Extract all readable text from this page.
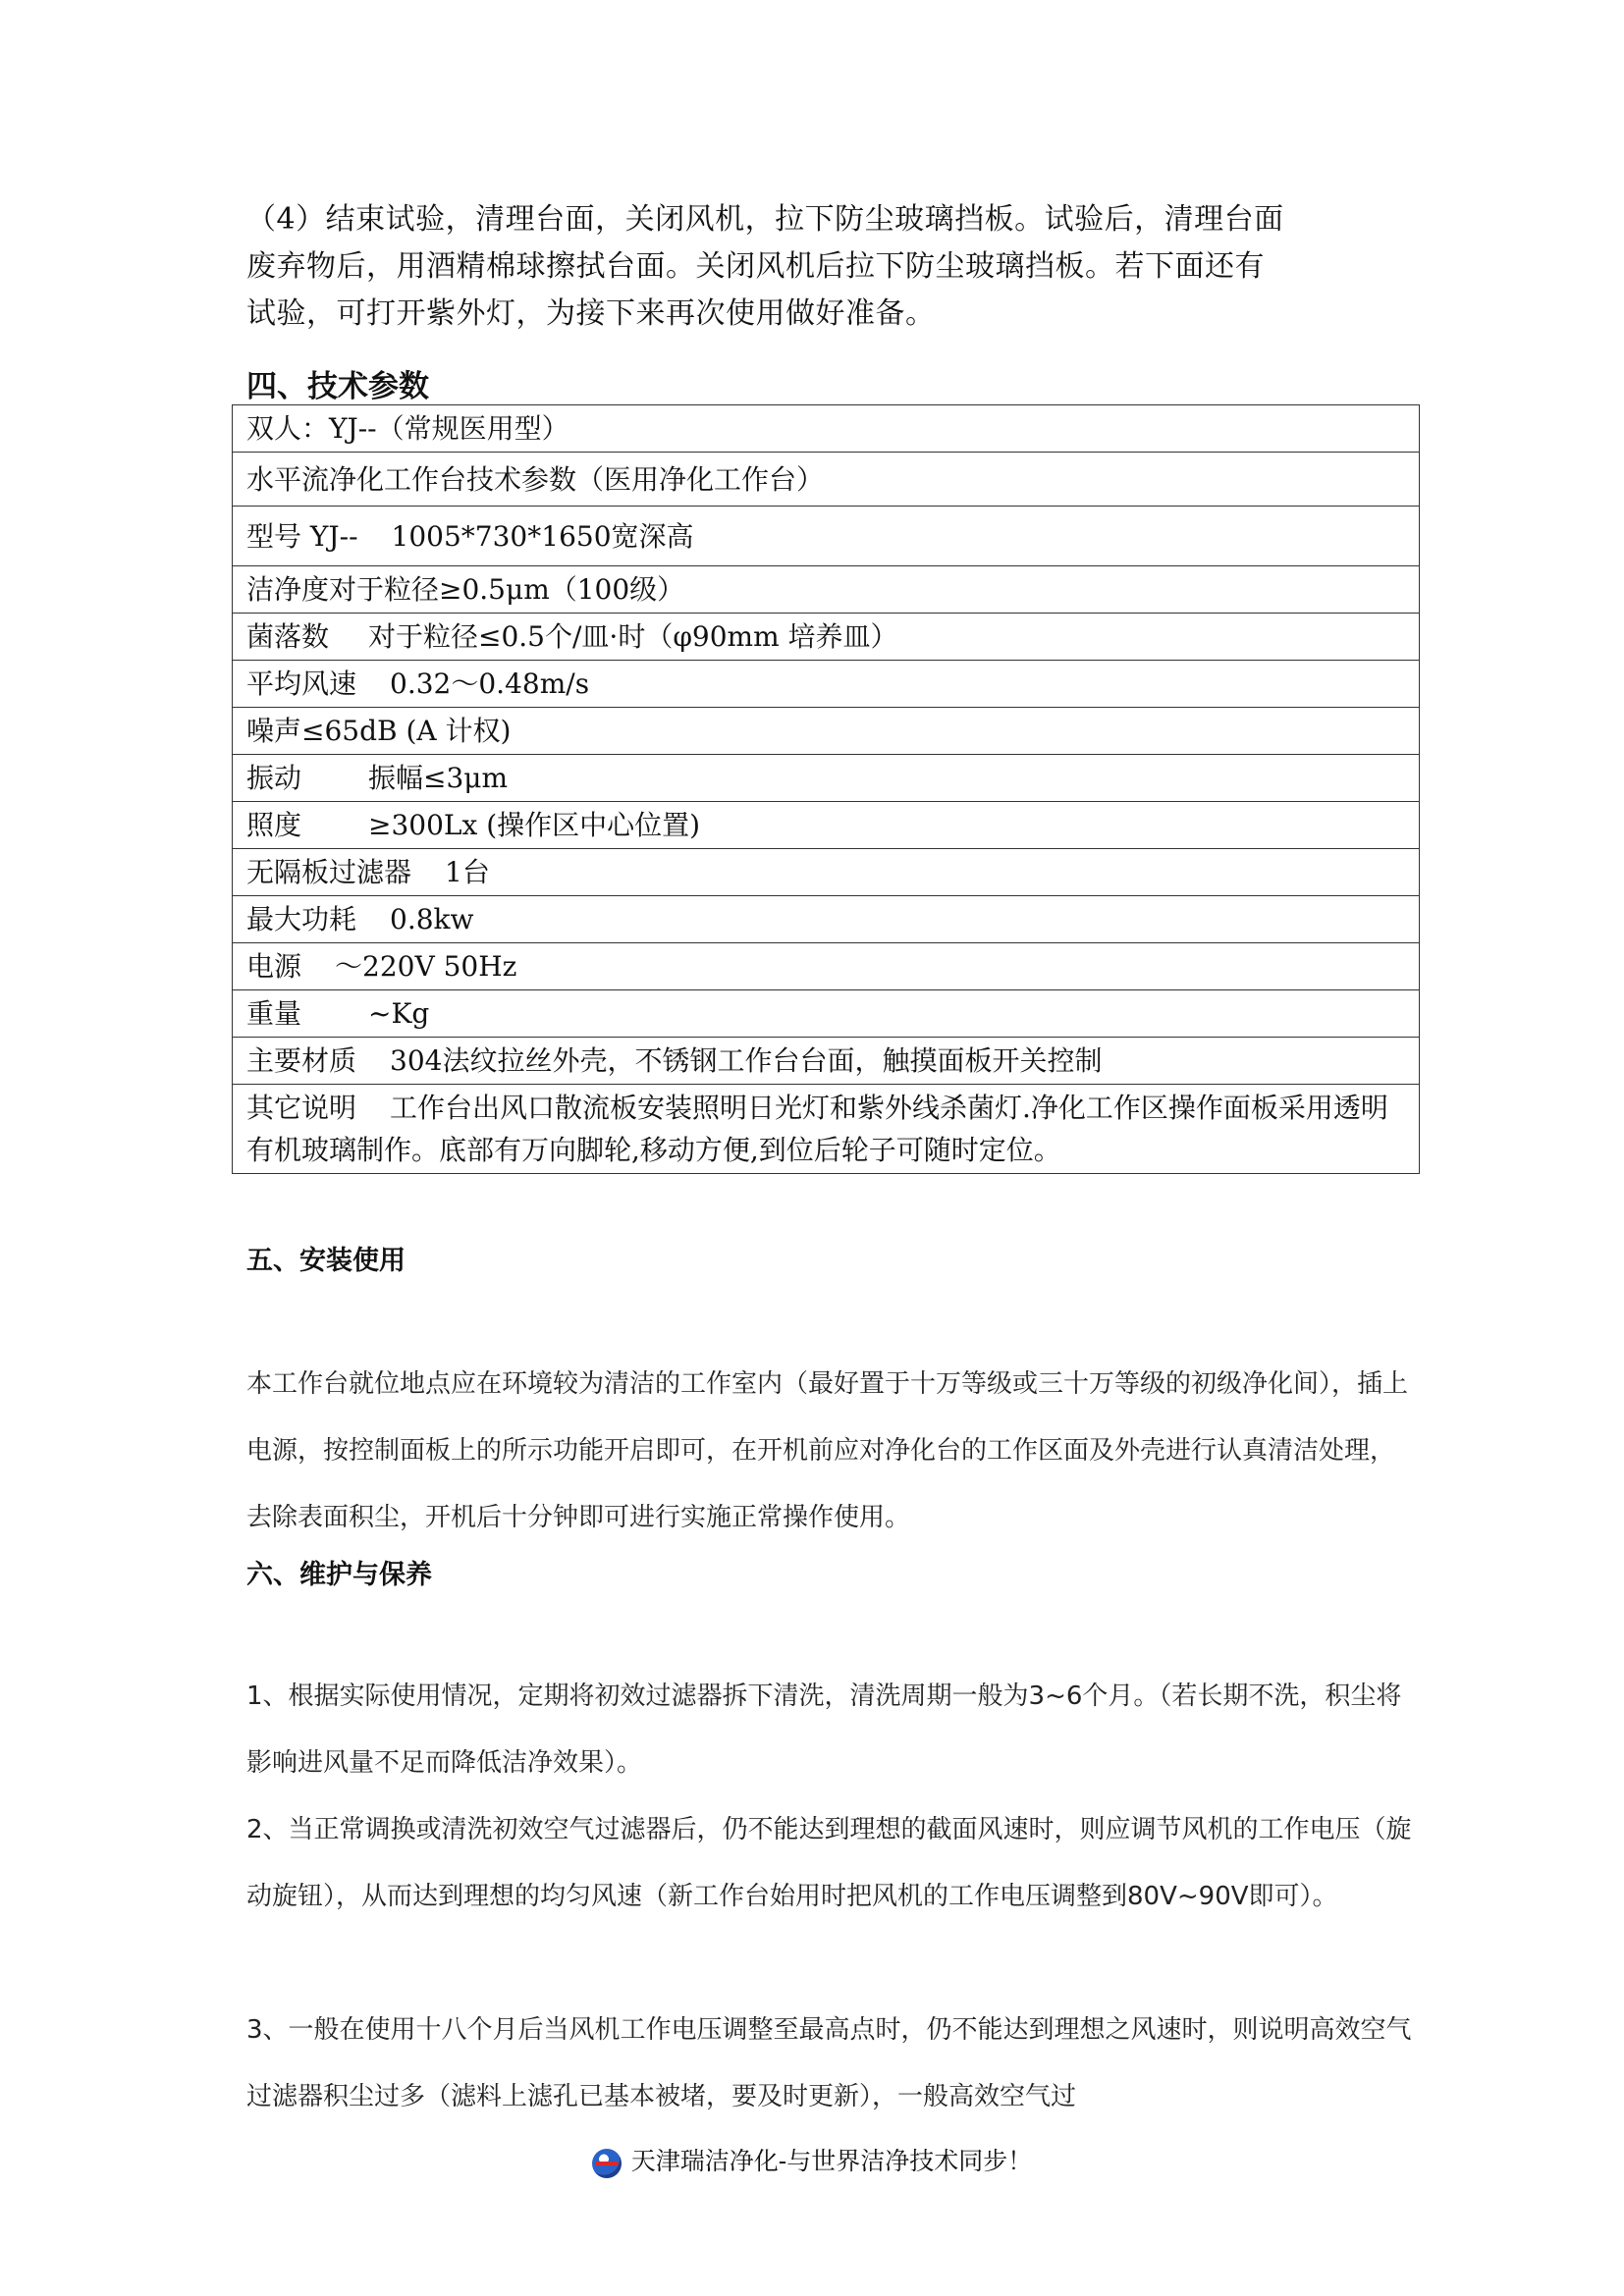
（4）结束试验，清理台面，关闭风机，拉下防尘玻璃挡板。试验后，清理台面

废弃物后，用酒精棉球擦拭台面。关闭风机后拉下防尘玻璃挡板。若下面还有

试验，可打开紫外灯，为接下来再次使用做好准备。

四、技术参数
双人：YJ--（常规医用型）
水平流净化工作台技术参数（医用净化工作台）
型号 YJ-- 1005*730*1650宽深高
洁净度对于粒径≥0.5μm（100级）
菌落数 对于粒径≤0.5个/皿·时（φ90mm 培养皿）
平均风速 0.32～0.48m/s
噪声≤65dB (A 计权)
振动 振幅≤3μm
照度 ≥300Lx (操作区中心位置)
无隔板过滤器 1台
最大功耗 0.8kw
电源 ～220V 50Hz
重量 ~Kg
主要材质 304法纹拉丝外壳，不锈钢工作台台面，触摸面板开关控制
其它说明 工作台出风口散流板安装照明日光灯和紫外线杀菌灯.净化工作区操作面板采用透明有机玻璃制作。底部有万向脚轮,移动方便,到位后轮子可随时定位。
五、安装使用

本工作台就位地点应在环境较为清洁的工作室内（最好置于十万等级或三十万等级的初级净化间），插上电源，按控制面板上的所示功能开启即可，在开机前应对净化台的工作区面及外壳进行认真清洁处理，去除表面积尘，开机后十分钟即可进行实施正常操作使用。

六、维护与保养

1、根据实际使用情况，定期将初效过滤器拆下清洗，清洗周期一般为3~6个月。（若长期不洗，积尘将影响进风量不足而降低洁净效果）。

2、当正常调换或清洗初效空气过滤器后，仍不能达到理想的截面风速时，则应调节风机的工作电压（旋动旋钮），从而达到理想的均匀风速（新工作台始用时把风机的工作电压调整到80V~90V即可）。

3、一般在使用十八个月后当风机工作电压调整至最高点时，仍不能达到理想之风速时，则说明高效空气过滤器积尘过多（滤料上滤孔已基本被堵，要及时更新），一般高效空气过

天津瑞洁净化-与世界洁净技术同步！
